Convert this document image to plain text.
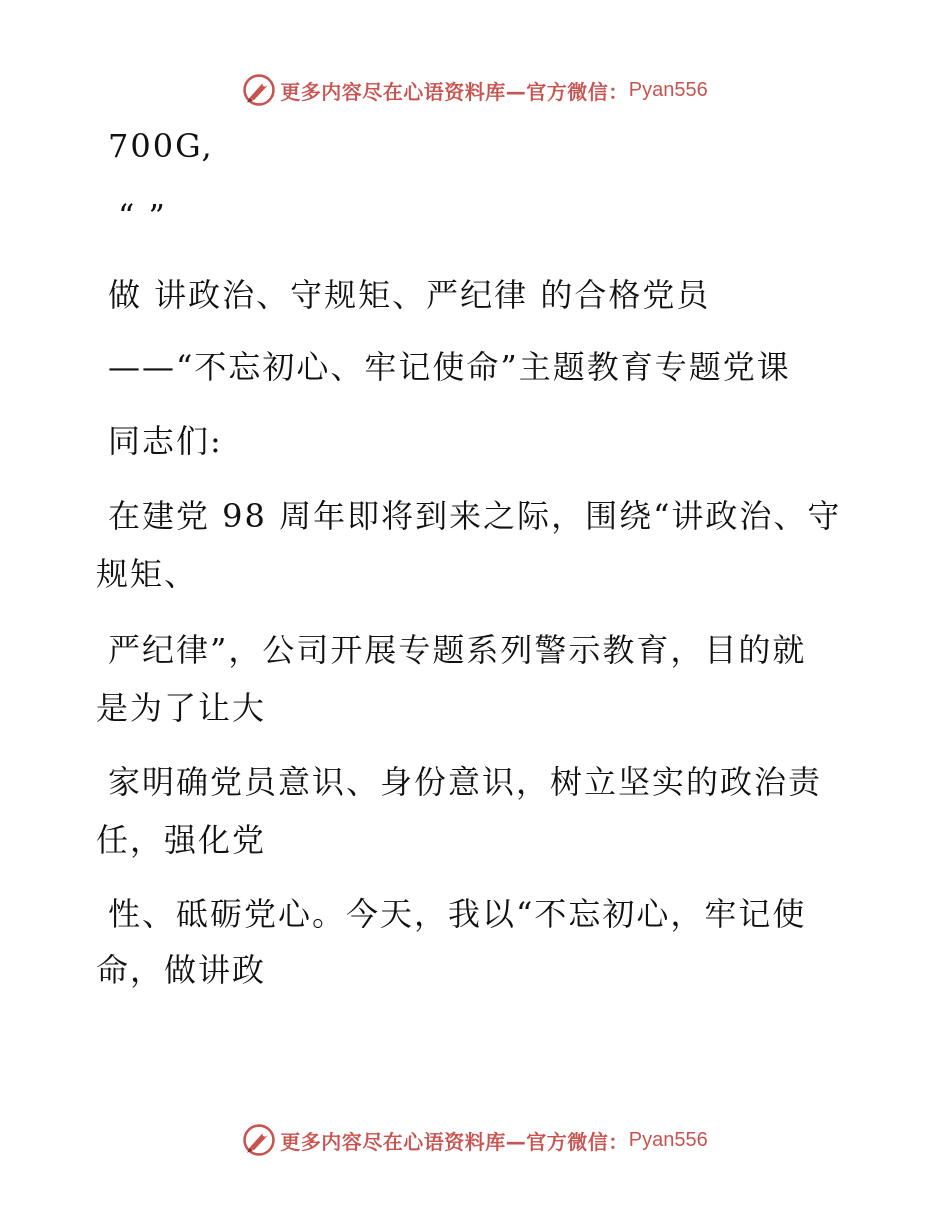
更多内容尽在心语资料库—官方微信： Pyan556

700G,

“ ”

做 讲政治、守规矩、严纪律 的合格党员

——“不忘初心、牢记使命”主题教育专题党课

同志们:

在建党 98 周年即将到来之际，围绕“讲政治、守

规矩、

严纪律”，公司开展专题系列警示教育，目的就

是为了让大

家明确党员意识、身份意识，树立坚实的政治责

任，强化党

性、砥砺党心。今天，我以“不忘初心，牢记使

命，做讲政

更多内容尽在心语资料库—官方微信： Pyan556
